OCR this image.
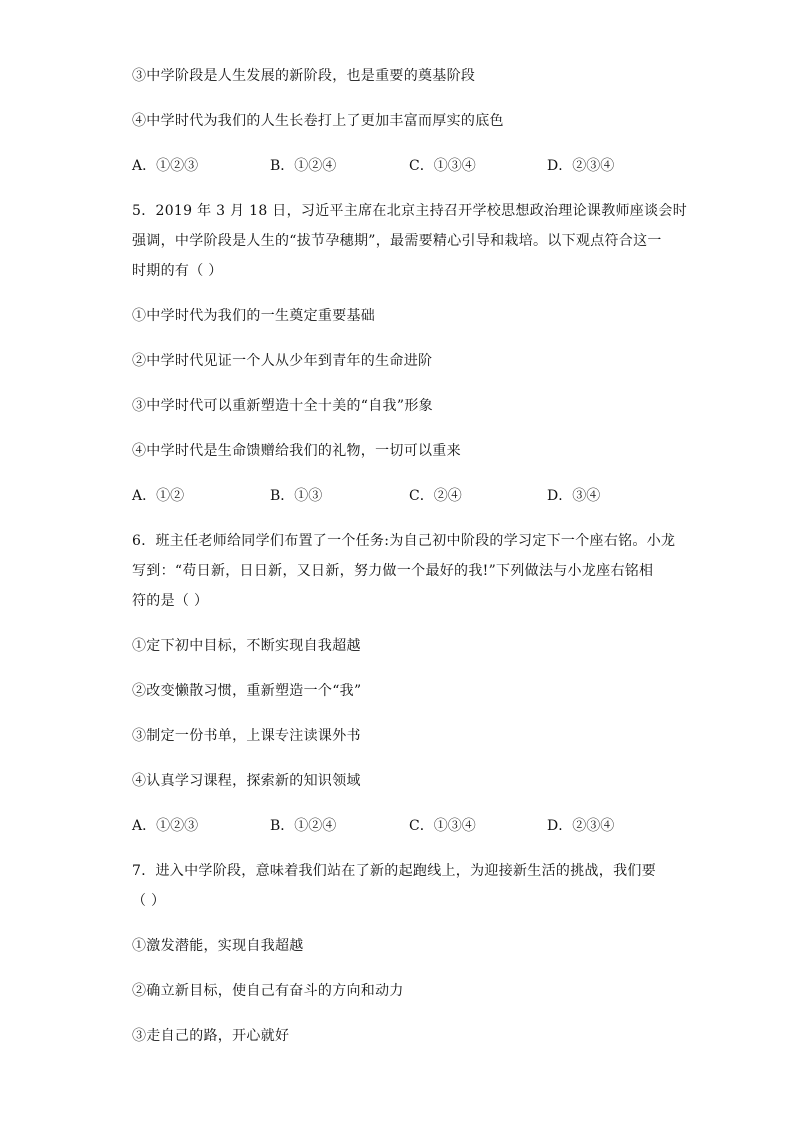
③中学阶段是人生发展的新阶段，也是重要的奠基阶段
④中学时代为我们的人生长卷打上了更加丰富而厚实的底色
A．①②③	B．①②④	C．①③④	D．②③④
5．2019 年 3 月 18 日，习近平主席在北京主持召开学校思想政治理论课教师座谈会时
强调，中学阶段是人生的“拔节孕穗期”，最需要精心引导和栽培。以下观点符合这一
时期的有（ ）
①中学时代为我们的一生奠定重要基础
②中学时代见证一个人从少年到青年的生命进阶
③中学时代可以重新塑造十全十美的“自我”形象
④中学时代是生命馈赠给我们的礼物，一切可以重来
A．①②	B．①③	C．②④	D．③④
6．班主任老师给同学们布置了一个任务:为自己初中阶段的学习定下一个座右铭。小龙
写到：“苟日新，日日新，又日新，努力做一个最好的我!”下列做法与小龙座右铭相
符的是（ ）
①定下初中目标，不断实现自我超越
②改变懒散习惯，重新塑造一个“我”
③制定一份书单，上课专注读课外书
④认真学习课程，探索新的知识领域
A．①②③	B．①②④	C．①③④	D．②③④
7．进入中学阶段，意味着我们站在了新的起跑线上，为迎接新生活的挑战，我们要
（ ）
①激发潜能，实现自我超越
②确立新目标，使自己有奋斗的方向和动力
③走自己的路，开心就好
